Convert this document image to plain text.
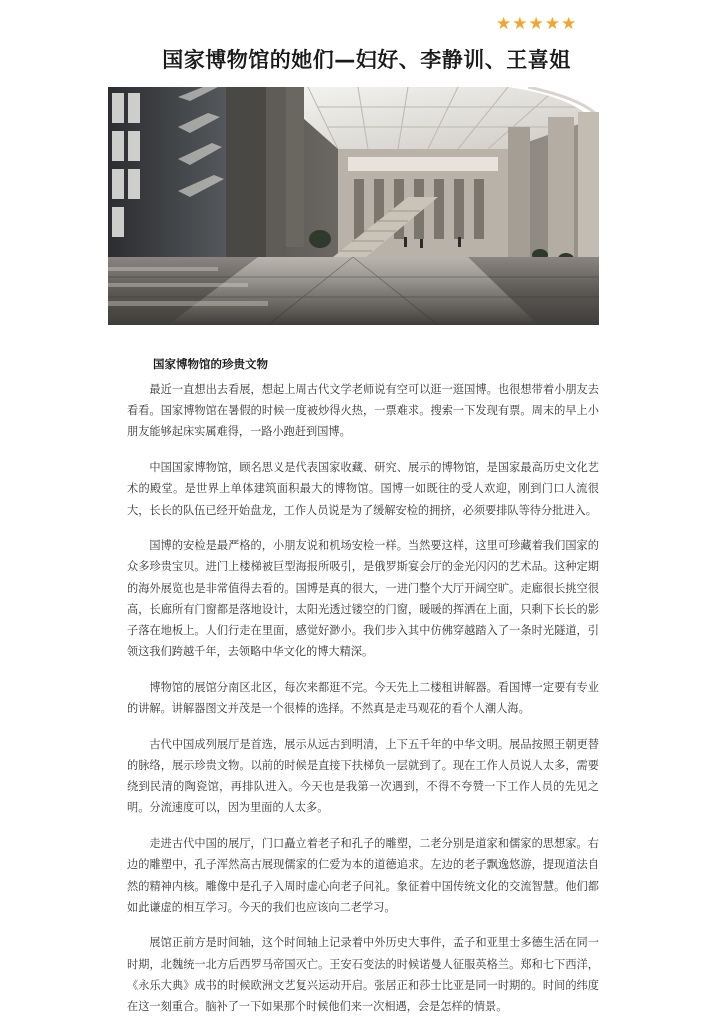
★★★★★
国家博物馆的她们—妇好、李静训、王喜姐
国家博物馆的珍贵文物

最近一直想出去看展，想起上周古代文学老师说有空可以逛一逛国博。也很想带着小朋友去看看。国家博物馆在暑假的时候一度被炒得火热，一票难求。搜索一下发现有票。周末的早上小朋友能够起床实属难得，一路小跑赶到国博。

中国国家博物馆，顾名思义是代表国家收藏、研究、展示的博物馆，是国家最高历史文化艺术的殿堂。是世界上单体建筑面积最大的博物馆。国博一如既往的受人欢迎，刚到门口人流很大，长长的队伍已经开始盘龙，工作人员说是为了缓解安检的拥挤，必须要排队等待分批进入。

国博的安检是最严格的，小朋友说和机场安检一样。当然要这样，这里可珍藏着我们国家的众多珍贵宝贝。进门上楼梯被巨型海报所吸引，是俄罗斯宴会厅的金光闪闪的艺术品。这种定期的海外展览也是非常值得去看的。国博是真的很大，一进门整个大厅开阔空旷。走廊很长挑空很高，长廊所有门窗都是落地设计，太阳光透过镂空的门窗，暖暖的挥洒在上面，只剩下长长的影子落在地板上。人们行走在里面，感觉好渺小。我们步入其中仿佛穿越踏入了一条时光隧道，引领这我们跨越千年，去领略中华文化的博大精深。

博物馆的展馆分南区北区，每次来都逛不完。今天先上二楼租讲解器。看国博一定要有专业的讲解。讲解器图文并茂是一个很棒的选择。不然真是走马观花的看个人潮人海。

古代中国成列展厅是首选，展示从远古到明清，上下五千年的中华文明。展品按照王朝更替的脉络，展示珍贵文物。以前的时候是直接下扶梯负一层就到了。现在工作人员说人太多，需要绕到民清的陶瓷馆，再排队进入。今天也是我第一次遇到，不得不夸赞一下工作人员的先见之明。分流速度可以，因为里面的人太多。

走进古代中国的展厅，门口矗立着老子和孔子的雕塑，二老分别是道家和儒家的思想家。右边的雕塑中，孔子浑然高古展现儒家的仁爱为本的道德追求。左边的老子飘逸悠游，提现道法自然的精神内核。雕像中是孔子入周时虚心向老子问礼。象征着中国传统文化的交流智慧。他们都如此谦虚的相互学习。今天的我们也应该向二老学习。

展馆正前方是时间轴，这个时间轴上记录着中外历史大事件，孟子和亚里士多德生活在同一时期，北魏统一北方后西罗马帝国灭亡。王安石变法的时候诺曼人征服英格兰。郑和七下西洋，《永乐大典》成书的时候欧洲文艺复兴运动开启。张居正和莎士比亚是同一时期的。时间的纬度在这一刻重合。脑补了一下如果那个时候他们来一次相遇，会是怎样的情景。
